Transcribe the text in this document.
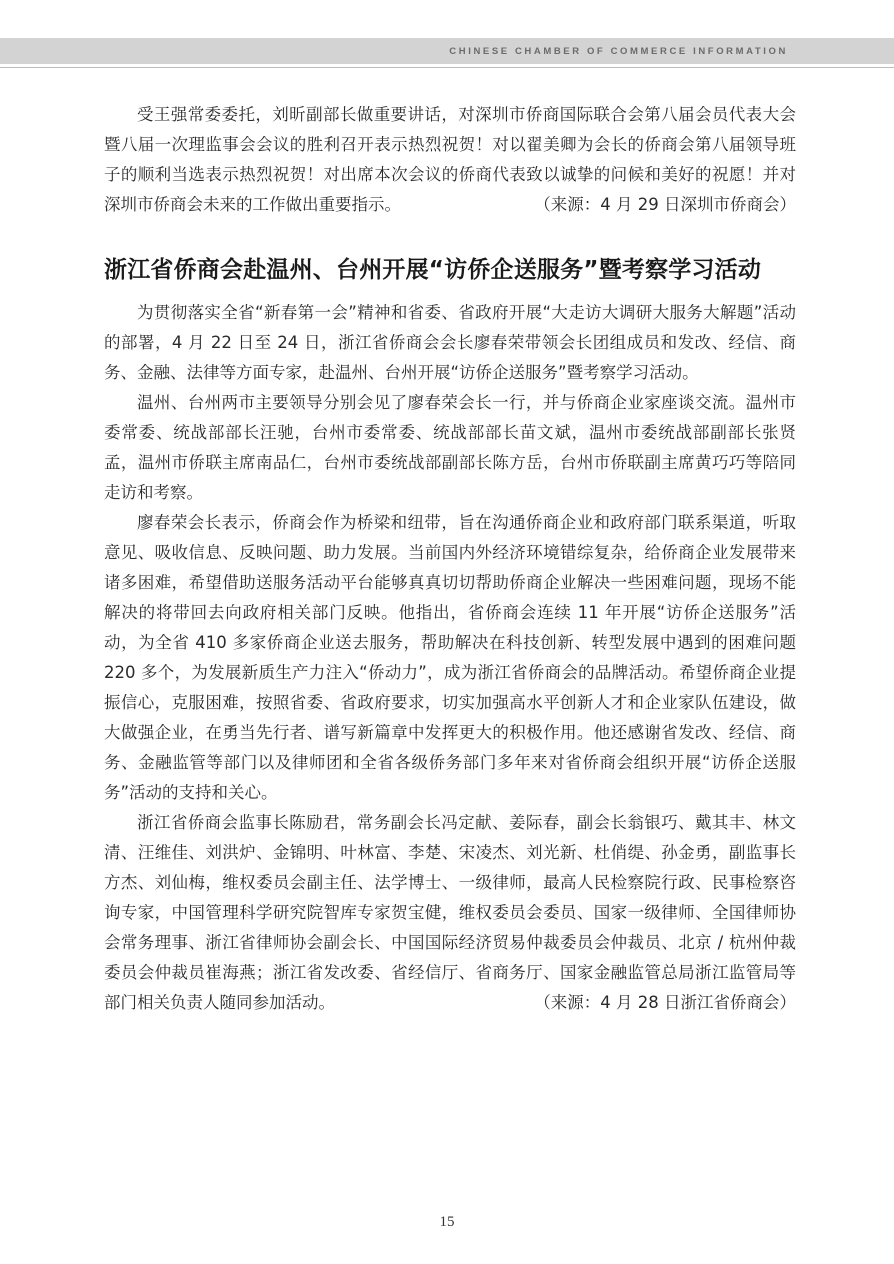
CHINESE CHAMBER OF COMMERCE INFORMATION

受王强常委委托，刘昕副部长做重要讲话，对深圳市侨商国际联合会第八届会员代表大会暨八届一次理监事会会议的胜利召开表示热烈祝贺！对以翟美卿为会长的侨商会第八届领导班子的顺利当选表示热烈祝贺！对出席本次会议的侨商代表致以诚挚的问候和美好的祝愿！并对深圳市侨商会未来的工作做出重要指示。	（来源：4 月 29 日深圳市侨商会）

浙江省侨商会赴温州、台州开展“访侨企送服务”暨考察学习活动

为贯彻落实全省“新春第一会”精神和省委、省政府开展“大走访大调研大服务大解题”活动的部署，4 月 22 日至 24 日，浙江省侨商会会长廖春荣带领会长团组成员和发改、经信、商务、金融、法律等方面专家，赴温州、台州开展“访侨企送服务”暨考察学习活动。

温州、台州两市主要领导分别会见了廖春荣会长一行，并与侨商企业家座谈交流。温州市委常委、统战部部长汪驰，台州市委常委、统战部部长苗文斌，温州市委统战部副部长张贤孟，温州市侨联主席南品仁，台州市委统战部副部长陈方岳，台州市侨联副主席黄巧巧等陪同走访和考察。

廖春荣会长表示，侨商会作为桥梁和纽带，旨在沟通侨商企业和政府部门联系渠道，听取意见、吸收信息、反映问题、助力发展。当前国内外经济环境错综复杂，给侨商企业发展带来诸多困难，希望借助送服务活动平台能够真真切切帮助侨商企业解决一些困难问题，现场不能解决的将带回去向政府相关部门反映。他指出，省侨商会连续 11 年开展“访侨企送服务”活动，为全省 410 多家侨商企业送去服务，帮助解决在科技创新、转型发展中遇到的困难问题 220 多个，为发展新质生产力注入“侨动力”，成为浙江省侨商会的品牌活动。希望侨商企业提振信心，克服困难，按照省委、省政府要求，切实加强高水平创新人才和企业家队伍建设，做大做强企业，在勇当先行者、谱写新篇章中发挥更大的积极作用。他还感谢省发改、经信、商务、金融监管等部门以及律师团和全省各级侨务部门多年来对省侨商会组织开展“访侨企送服务”活动的支持和关心。

浙江省侨商会监事长陈励君，常务副会长冯定献、姜际春，副会长翁银巧、戴其丰、林文清、汪维佳、刘洪炉、金锦明、叶林富、李楚、宋凌杰、刘光新、杜俏缇、孙金勇，副监事长方杰、刘仙梅，维权委员会副主任、法学博士、一级律师，最高人民检察院行政、民事检察咨询专家，中国管理科学研究院智库专家贺宝健，维权委员会委员、国家一级律师、全国律师协会常务理事、浙江省律师协会副会长、中国国际经济贸易仲裁委员会仲裁员、北京 / 杭州仲裁委员会仲裁员崔海燕；浙江省发改委、省经信厅、省商务厅、国家金融监管总局浙江监管局等部门相关负责人随同参加活动。	（来源：4 月 28 日浙江省侨商会）

15
